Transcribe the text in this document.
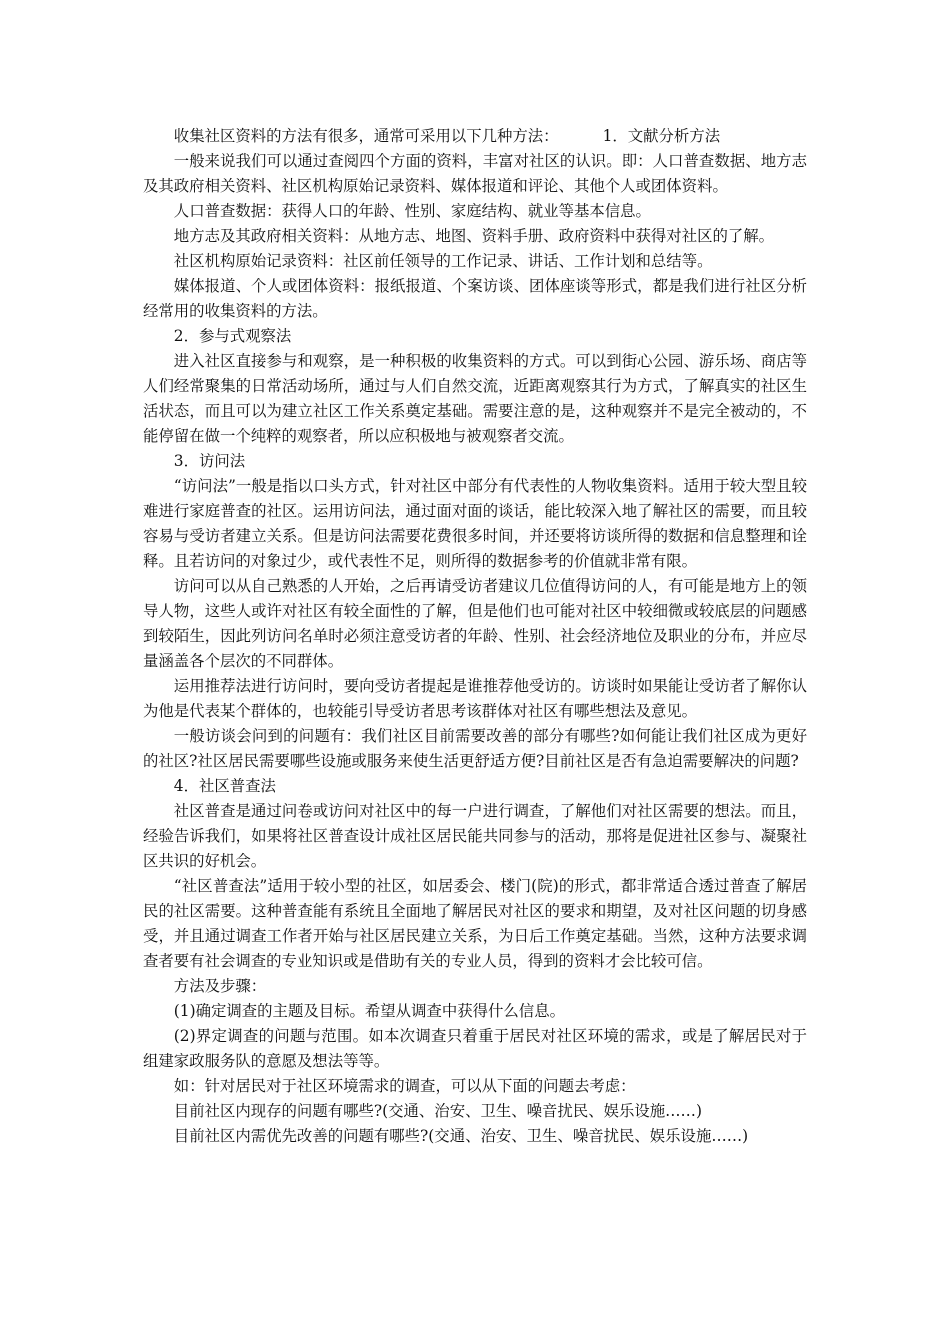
收集社区资料的方法有很多，通常可采用以下几种方法：	1．文献分析方法

一般来说我们可以通过查阅四个方面的资料，丰富对社区的认识。即：人口普查数据、地方志及其政府相关资料、社区机构原始记录资料、媒体报道和评论、其他个人或团体资料。

人口普查数据：获得人口的年龄、性别、家庭结构、就业等基本信息。

地方志及其政府相关资料：从地方志、地图、资料手册、政府资料中获得对社区的了解。

社区机构原始记录资料：社区前任领导的工作记录、讲话、工作计划和总结等。

媒体报道、个人或团体资料：报纸报道、个案访谈、团体座谈等形式，都是我们进行社区分析经常用的收集资料的方法。

2．参与式观察法

进入社区直接参与和观察，是一种积极的收集资料的方式。可以到街心公园、游乐场、商店等人们经常聚集的日常活动场所，通过与人们自然交流，近距离观察其行为方式，了解真实的社区生活状态，而且可以为建立社区工作关系奠定基础。需要注意的是，这种观察并不是完全被动的，不能停留在做一个纯粹的观察者，所以应积极地与被观察者交流。

3．访问法

“访问法”一般是指以口头方式，针对社区中部分有代表性的人物收集资料。适用于较大型且较难进行家庭普查的社区。运用访问法，通过面对面的谈话，能比较深入地了解社区的需要，而且较容易与受访者建立关系。但是访问法需要花费很多时间，并还要将访谈所得的数据和信息整理和诠释。且若访问的对象过少，或代表性不足，则所得的数据参考的价值就非常有限。

访问可以从自己熟悉的人开始，之后再请受访者建议几位值得访问的人，有可能是地方上的领导人物，这些人或许对社区有较全面性的了解，但是他们也可能对社区中较细微或较底层的问题感到较陌生，因此列访问名单时必须注意受访者的年龄、性别、社会经济地位及职业的分布，并应尽量涵盖各个层次的不同群体。

运用推荐法进行访问时，要向受访者提起是谁推荐他受访的。访谈时如果能让受访者了解你认为他是代表某个群体的，也较能引导受访者思考该群体对社区有哪些想法及意见。

一般访谈会问到的问题有：我们社区目前需要改善的部分有哪些?如何能让我们社区成为更好的社区?社区居民需要哪些设施或服务来使生活更舒适方便?目前社区是否有急迫需要解决的问题?

4．社区普查法

社区普查是通过问卷或访问对社区中的每一户进行调查，了解他们对社区需要的想法。而且，经验告诉我们，如果将社区普查设计成社区居民能共同参与的活动，那将是促进社区参与、凝聚社区共识的好机会。

“社区普查法”适用于较小型的社区，如居委会、楼门(院)的形式，都非常适合透过普查了解居民的社区需要。这种普查能有系统且全面地了解居民对社区的要求和期望，及对社区问题的切身感受，并且通过调查工作者开始与社区居民建立关系，为日后工作奠定基础。当然，这种方法要求调查者要有社会调查的专业知识或是借助有关的专业人员，得到的资料才会比较可信。

方法及步骤：

(1)确定调查的主题及目标。希望从调查中获得什么信息。

(2)界定调查的问题与范围。如本次调查只着重于居民对社区环境的需求，或是了解居民对于组建家政服务队的意愿及想法等等。

如：针对居民对于社区环境需求的调查，可以从下面的问题去考虑：

目前社区内现存的问题有哪些?(交通、治安、卫生、噪音扰民、娱乐设施……)

目前社区内需优先改善的问题有哪些?(交通、治安、卫生、噪音扰民、娱乐设施……)
